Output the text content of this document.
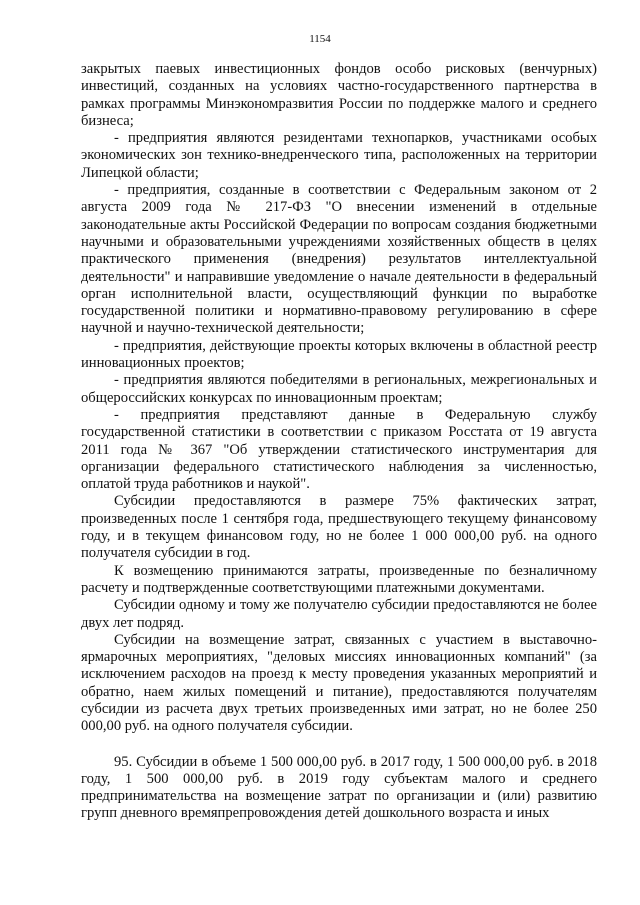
1154

закрытых паевых инвестиционных фондов особо рисковых (венчурных) инвестиций, созданных на условиях частно-государственного партнерства в рамках программы Минэкономразвития России по поддержке малого и среднего бизнеса;

- предприятия являются резидентами технопарков, участниками особых экономических зон технико-внедренческого типа, расположенных на территории Липецкой области;

- предприятия, созданные в соответствии с Федеральным законом от 2 августа 2009 года № 217-ФЗ "О внесении изменений в отдельные законодательные акты Российской Федерации по вопросам создания бюджетными научными и образовательными учреждениями хозяйственных обществ в целях практического применения (внедрения) результатов интеллектуальной деятельности" и направившие уведомление о начале деятельности в федеральный орган исполнительной власти, осуществляющий функции по выработке государственной политики и нормативно-правовому регулированию в сфере научной и научно-технической деятельности;

- предприятия, действующие проекты которых включены в областной реестр инновационных проектов;

- предприятия являются победителями в региональных, межрегиональных и общероссийских конкурсах по инновационным проектам;

- предприятия представляют данные в Федеральную службу государственной статистики в соответствии с приказом Росстата от 19 августа 2011 года № 367 "Об утверждении статистического инструментария для организации федерального статистического наблюдения за численностью, оплатой труда работников и наукой".

Субсидии предоставляются в размере 75% фактических затрат, произведенных после 1 сентября года, предшествующего текущему финансовому году, и в текущем финансовом году, но не более 1 000 000,00 руб. на одного получателя субсидии в год.

К возмещению принимаются затраты, произведенные по безналичному расчету и подтвержденные соответствующими платежными документами.

Субсидии одному и тому же получателю субсидии предоставляются не более двух лет подряд.

Субсидии на возмещение затрат, связанных с участием в выставочно-ярмарочных мероприятиях, "деловых миссиях инновационных компаний" (за исключением расходов на проезд к месту проведения указанных мероприятий и обратно, наем жилых помещений и питание), предоставляются получателям субсидии из расчета двух третьих произведенных ими затрат, но не более 250 000,00 руб. на одного получателя субсидии.

95. Субсидии в объеме 1 500 000,00 руб. в 2017 году, 1 500 000,00 руб. в 2018 году, 1 500 000,00 руб. в 2019 году субъектам малого и среднего предпринимательства на возмещение затрат по организации и (или) развитию групп дневного времяпрепровождения детей дошкольного возраста и иных
